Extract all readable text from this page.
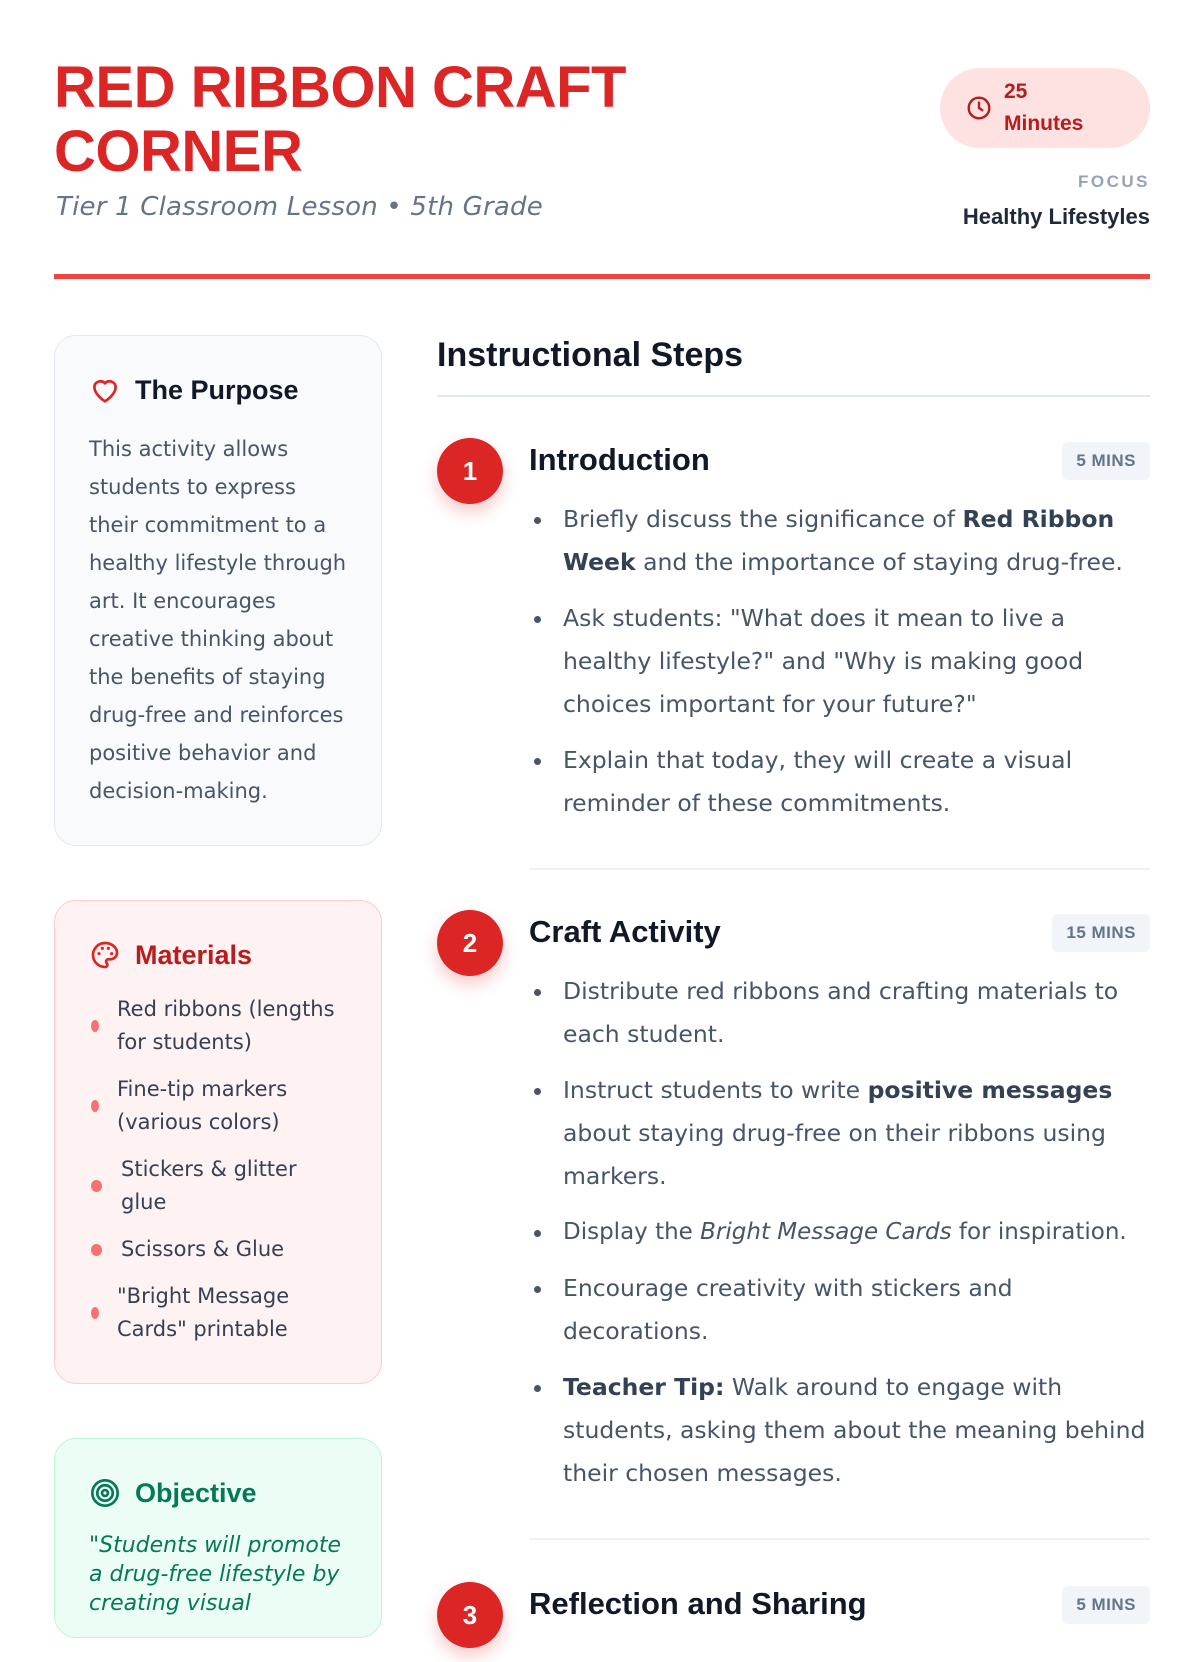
RED RIBBON CRAFT CORNER
Tier 1 Classroom Lesson • 5th Grade
25
Minutes
FOCUS
Healthy Lifestyles
The Purpose

This activity allows students to express their commitment to a healthy lifestyle through art. It encourages creative thinking about the benefits of staying drug-free and reinforces positive behavior and decision-making.

Materials
Red ribbons (lengths for students)
Fine-tip markers (various colors)
Stickers & glitter glue
Scissors & Glue
"Bright Message Cards" printable
Objective

"Students will promote a drug-free lifestyle by creating visual

Instructional Steps
1	Introduction	5 MINS
Briefly discuss the significance of Red Ribbon Week and the importance of staying drug-free.
Ask students: "What does it mean to live a healthy lifestyle?" and "Why is making good choices important for your future?"
Explain that today, they will create a visual reminder of these commitments.
2	Craft Activity	15 MINS
Distribute red ribbons and crafting materials to each student.
Instruct students to write positive messages about staying drug-free on their ribbons using markers.
Display the Bright Message Cards for inspiration.
Encourage creativity with stickers and decorations.
Teacher Tip: Walk around to engage with students, asking them about the meaning behind their chosen messages.
3	Reflection and Sharing	5 MINS
